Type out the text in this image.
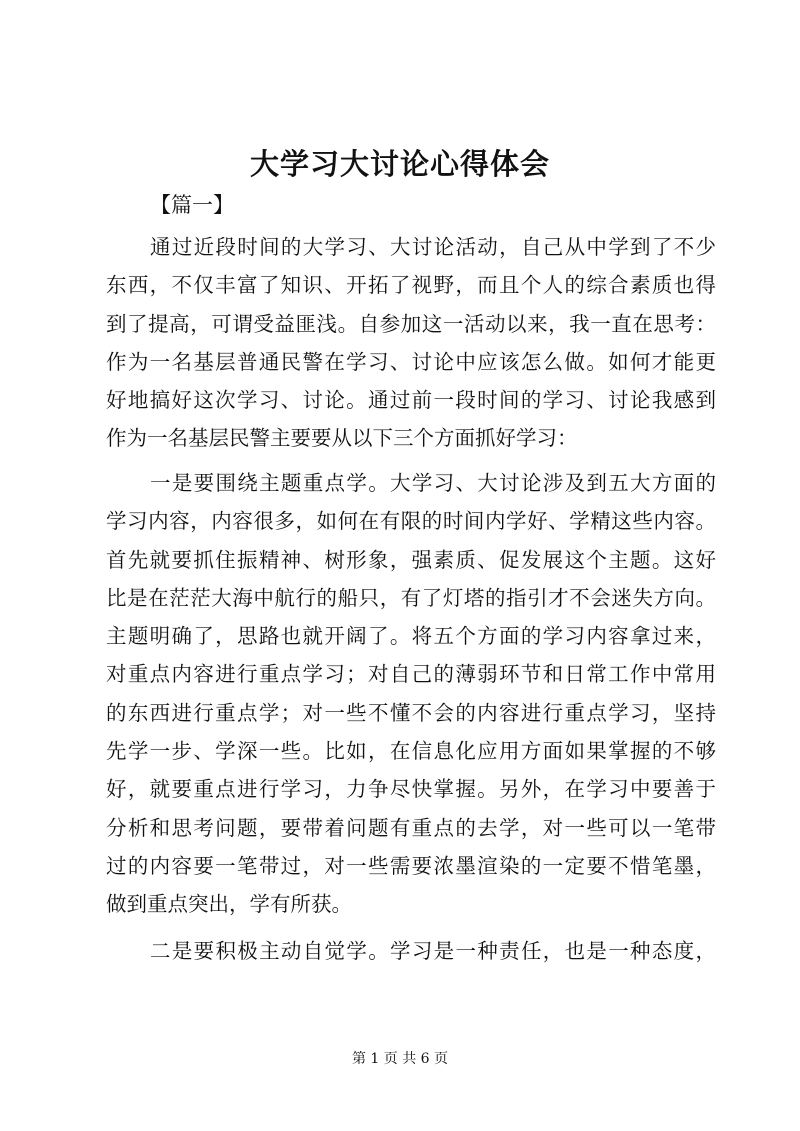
大学习大讨论心得体会
【篇一】
通过近段时间的大学习、大讨论活动，自己从中学到了不少
东西，不仅丰富了知识、开拓了视野，而且个人的综合素质也得
到了提高，可谓受益匪浅。自参加这一活动以来，我一直在思考：
作为一名基层普通民警在学习、讨论中应该怎么做。如何才能更
好地搞好这次学习、讨论。通过前一段时间的学习、讨论我感到
作为一名基层民警主要要从以下三个方面抓好学习：
一是要围绕主题重点学。大学习、大讨论涉及到五大方面的
学习内容，内容很多，如何在有限的时间内学好、学精这些内容。
首先就要抓住振精神、树形象，强素质、促发展这个主题。这好
比是在茫茫大海中航行的船只，有了灯塔的指引才不会迷失方向。
主题明确了，思路也就开阔了。将五个方面的学习内容拿过来，
对重点内容进行重点学习；对自己的薄弱环节和日常工作中常用
的东西进行重点学；对一些不懂不会的内容进行重点学习，坚持
先学一步、学深一些。比如，在信息化应用方面如果掌握的不够
好，就要重点进行学习，力争尽快掌握。另外，在学习中要善于
分析和思考问题，要带着问题有重点的去学，对一些可以一笔带
过的内容要一笔带过，对一些需要浓墨渲染的一定要不惜笔墨，
做到重点突出，学有所获。
二是要积极主动自觉学。学习是一种责任，也是一种态度，
第 1 页 共 6 页
